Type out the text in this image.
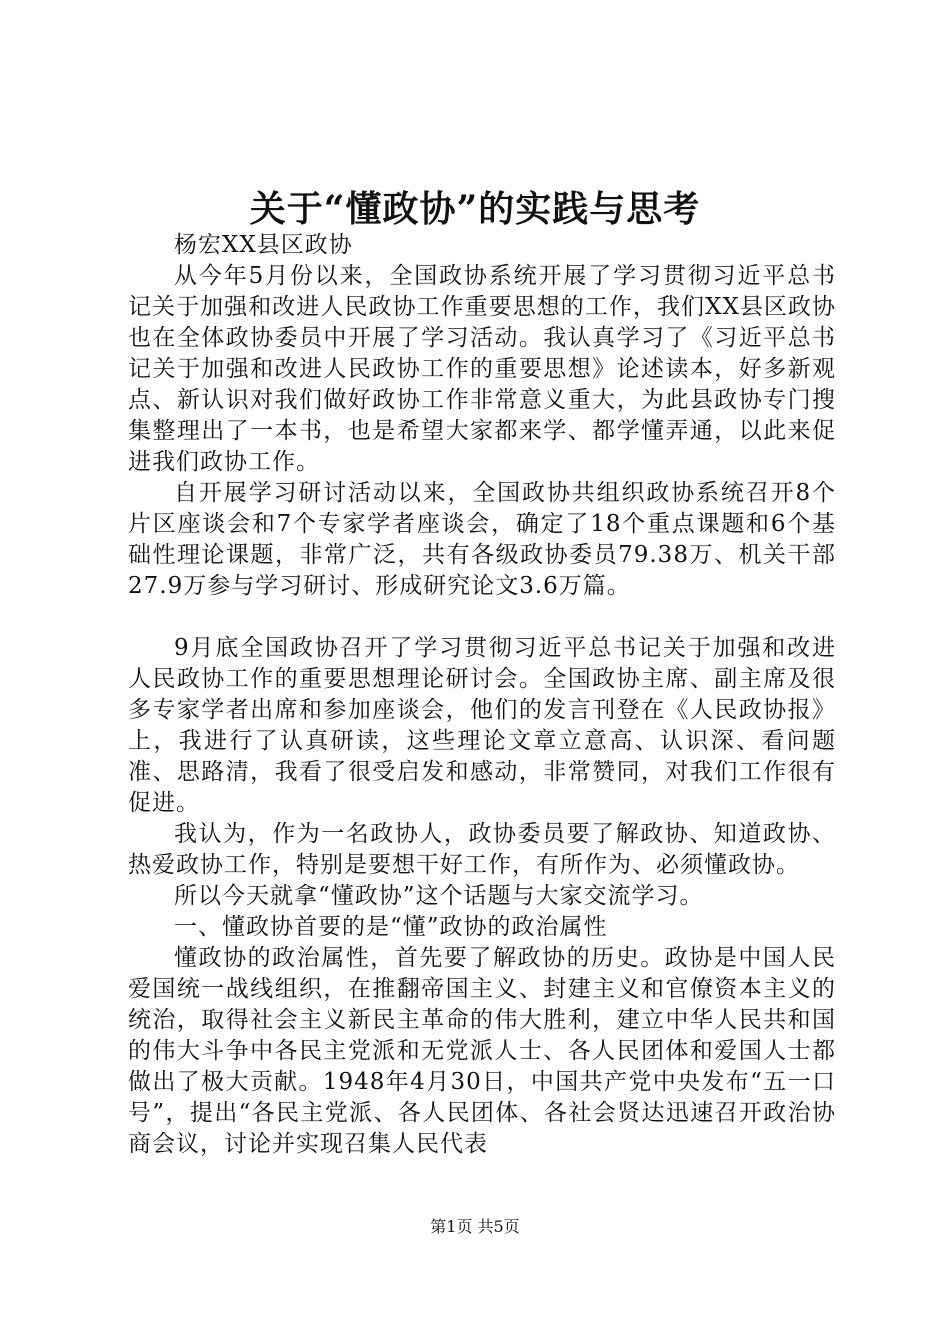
关于“懂政协”的实践与思考

杨宏XX县区政协

从今年5月份以来，全国政协系统开展了学习贯彻习近平总书记关于加强和改进人民政协工作重要思想的工作，我们XX县区政协也在全体政协委员中开展了学习活动。我认真学习了《习近平总书记关于加强和改进人民政协工作的重要思想》论述读本，好多新观点、新认识对我们做好政协工作非常意义重大，为此县政协专门搜集整理出了一本书，也是希望大家都来学、都学懂弄通，以此来促进我们政协工作。

自开展学习研讨活动以来，全国政协共组织政协系统召开8个片区座谈会和7个专家学者座谈会，确定了18个重点课题和6个基础性理论课题，非常广泛，共有各级政协委员79.38万、机关干部27.9万参与学习研讨、形成研究论文3.6万篇。

9月底全国政协召开了学习贯彻习近平总书记关于加强和改进人民政协工作的重要思想理论研讨会。全国政协主席、副主席及很多专家学者出席和参加座谈会，他们的发言刊登在《人民政协报》上，我进行了认真研读，这些理论文章立意高、认识深、看问题准、思路清，我看了很受启发和感动，非常赞同，对我们工作很有促进。

我认为，作为一名政协人，政协委员要了解政协、知道政协、热爱政协工作，特别是要想干好工作，有所作为、必须懂政协。

所以今天就拿“懂政协”这个话题与大家交流学习。

一、懂政协首要的是“懂”政协的政治属性

懂政协的政治属性，首先要了解政协的历史。政协是中国人民爱国统一战线组织，在推翻帝国主义、封建主义和官僚资本主义的统治，取得社会主义新民主革命的伟大胜利，建立中华人民共和国的伟大斗争中各民主党派和无党派人士、各人民团体和爱国人士都做出了极大贡献。1948年4月30日，中国共产党中央发布“五一口号”，提出“各民主党派、各人民团体、各社会贤达迅速召开政治协商会议，讨论并实现召集人民代表

第1页 共5页
